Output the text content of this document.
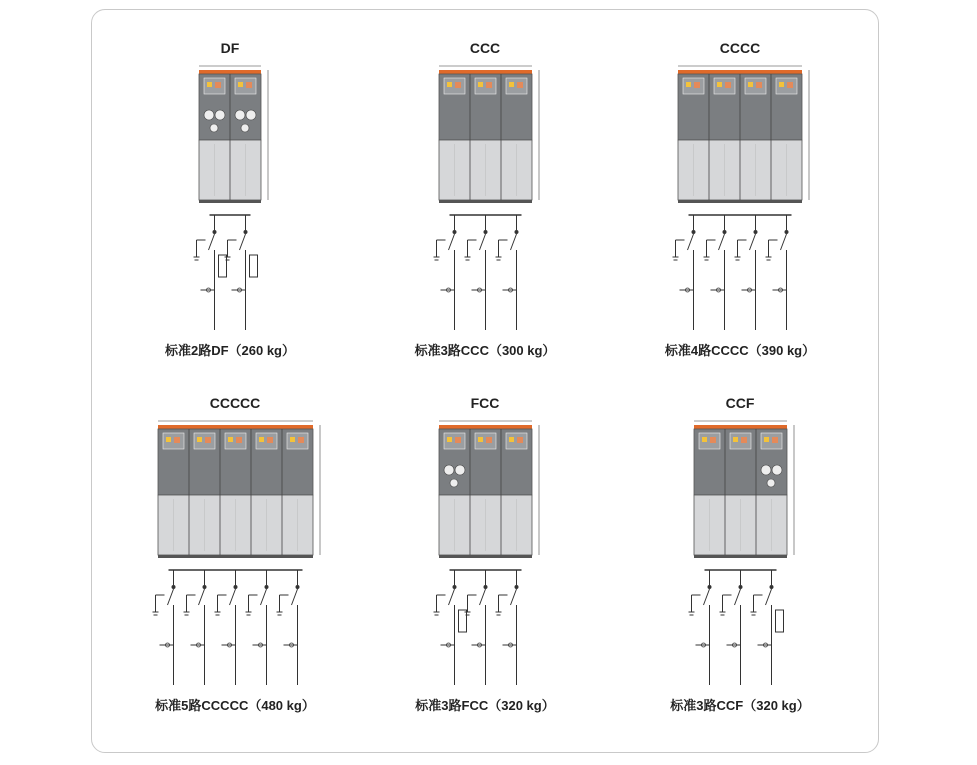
DF
标准2路DF（260 kg）
CCC
标准3路CCC（300 kg）
CCCC
标准4路CCCC（390 kg）
CCCCC
标准5路CCCCC（480 kg）
FCC
标准3路FCC（320 kg）
CCF
标准3路CCF（320 kg）
